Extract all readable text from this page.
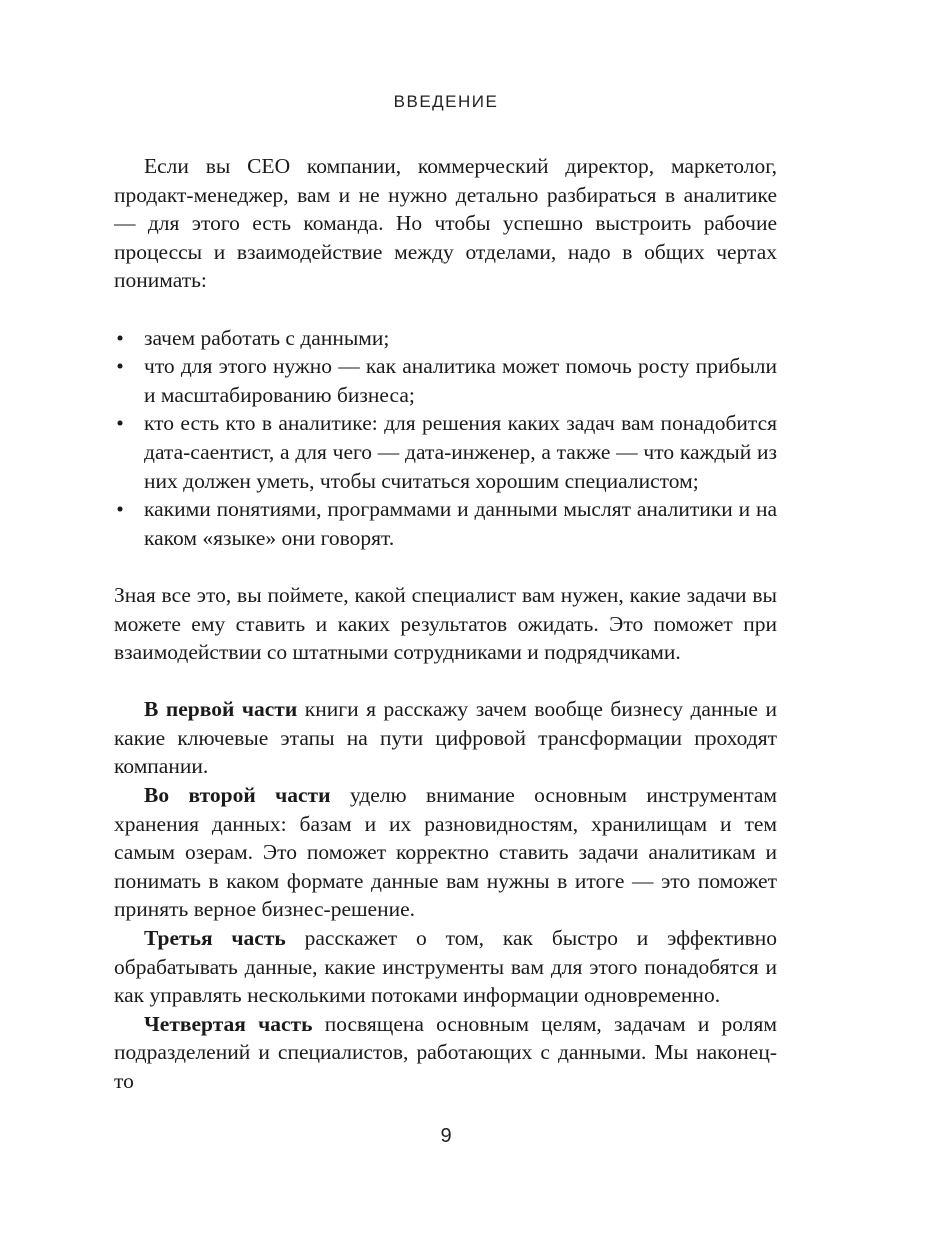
ВВЕДЕНИЕ

Если вы CEO компании, коммерческий директор, маркетолог, продакт-менеджер, вам и не нужно детально разбираться в аналитике — для этого есть команда. Но чтобы успешно выстроить рабочие процессы и взаимодействие между отделами, надо в общих чертах понимать:

• зачем работать с данными;
• что для этого нужно — как аналитика может помочь росту прибыли и масштабированию бизнеса;
• кто есть кто в аналитике: для решения каких задач вам понадобится дата-саентист, а для чего — дата-инженер, а также — что каждый из них должен уметь, чтобы считаться хорошим специалистом;
• какими понятиями, программами и данными мыслят аналитики и на каком «языке» они говорят.

Зная все это, вы поймете, какой специалист вам нужен, какие задачи вы можете ему ставить и каких результатов ожидать. Это поможет при взаимодействии со штатными сотрудниками и подрядчиками.

В первой части книги я расскажу зачем вообще бизнесу данные и какие ключевые этапы на пути цифровой трансформации проходят компании.

Во второй части уделю внимание основным инструментам хранения данных: базам и их разновидностям, хранилищам и тем самым озерам. Это поможет корректно ставить задачи аналитикам и понимать в каком формате данные вам нужны в итоге — это поможет принять верное бизнес-решение.

Третья часть расскажет о том, как быстро и эффективно обрабатывать данные, какие инструменты вам для этого понадобятся и как управлять несколькими потоками информации одновременно.

Четвертая часть посвящена основным целям, задачам и ролям подразделений и специалистов, работающих с данными. Мы наконец-то

9
